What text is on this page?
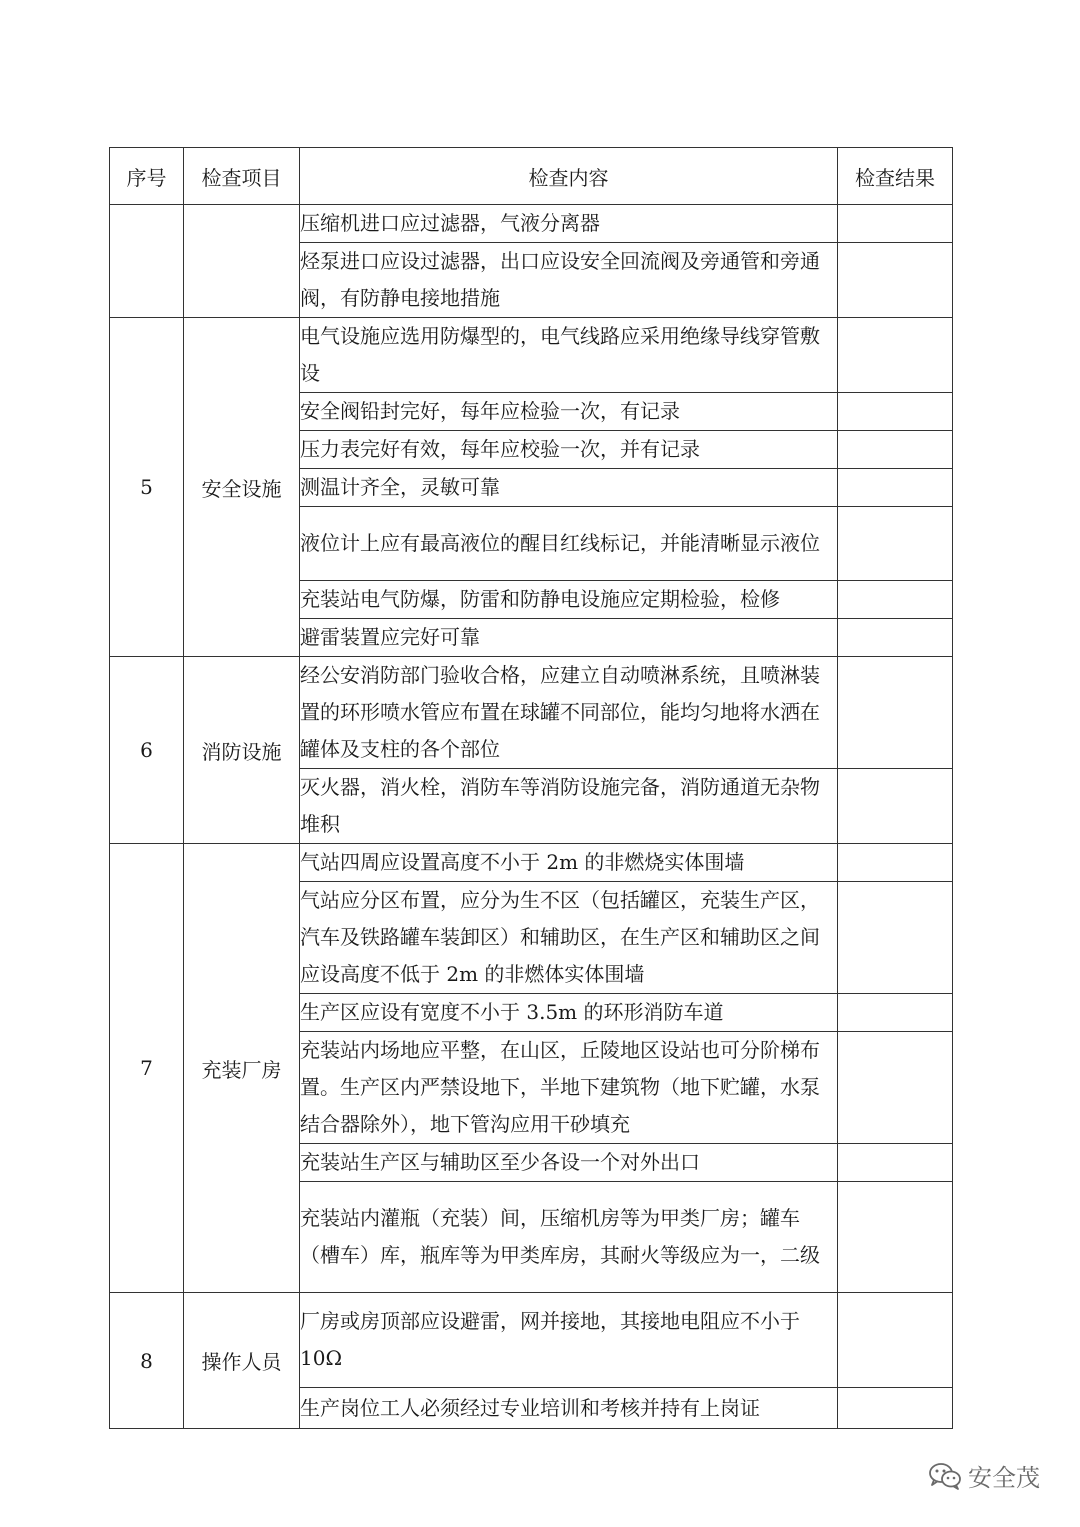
序号	检查项目	检查内容	检查结果
		压缩机进口应过滤器，气液分离器	
		烃泵进口应设过滤器，出口应设安全回流阀及旁通管和旁通阀，有防静电接地措施	
5	安全设施	电气设施应选用防爆型的，电气线路应采用绝缘导线穿管敷设	
		安全阀铅封完好，每年应检验一次，有记录	
		压力表完好有效，每年应校验一次，并有记录	
		测温计齐全，灵敏可靠	
		液位计上应有最高液位的醒目红线标记，并能清晰显示液位	
		充装站电气防爆，防雷和防静电设施应定期检验，检修	
		避雷装置应完好可靠	
6	消防设施	经公安消防部门验收合格，应建立自动喷淋系统，且喷淋装置的环形喷水管应布置在球罐不同部位，能均匀地将水洒在罐体及支柱的各个部位	
		灭火器，消火栓，消防车等消防设施完备，消防通道无杂物堆积	
7	充装厂房	气站四周应设置高度不小于 2m 的非燃烧实体围墙	
		气站应分区布置，应分为生不区（包括罐区，充装生产区，汽车及铁路罐车装卸区）和辅助区，在生产区和辅助区之间应设高度不低于 2m 的非燃体实体围墙	
		生产区应设有宽度不小于 3.5m 的环形消防车道	
		充装站内场地应平整，在山区，丘陵地区设站也可分阶梯布置。生产区内严禁设地下，半地下建筑物（地下贮罐，水泵结合器除外），地下管沟应用干砂填充	
		充装站生产区与辅助区至少各设一个对外出口	
		充装站内灌瓶（充装）间，压缩机房等为甲类厂房；罐车（槽车）库，瓶库等为甲类库房，其耐火等级应为一，二级	
8	操作人员	厂房或房顶部应设避雷，网并接地，其接地电阻应不小于 10Ω	
		生产岗位工人必须经过专业培训和考核并持有上岗证	
安全茂
